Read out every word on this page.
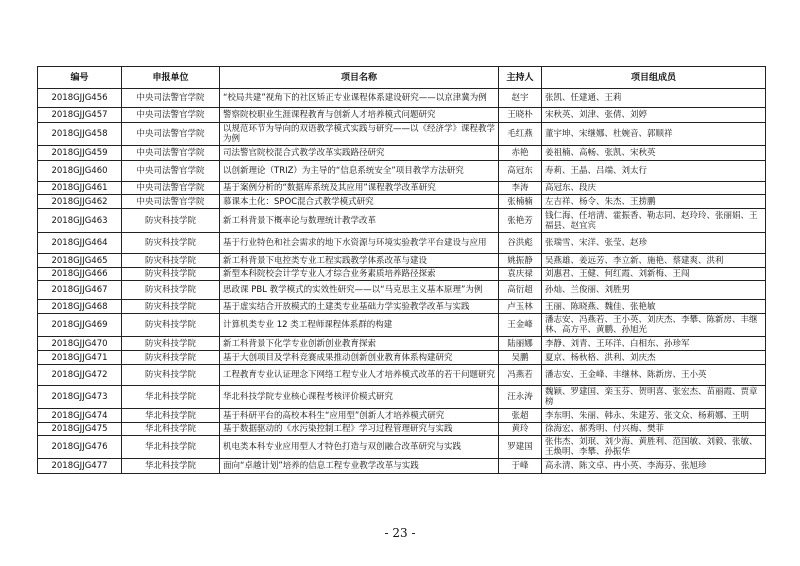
编号	申报单位	项目名称	主持人	项目组成员
2018GJJG456	中央司法警官学院	“校局共建”视角下的社区矫正专业课程体系建设研究——以京津冀为例	赵宇	张凯、任建通、王莉
2018GJJG457	中央司法警官学院	警察院校职业生涯课程教育与创新人才培养模式问题研究	王晓朴	宋秋英、刘津、张倩、刘婷
2018GJJG458	中央司法警官学院	以规范环节为导向的双语教学模式实践与研究——以《经济学》课程教学为例	毛红燕	董宇坤、宋继娜、杜婉音、郭顺祥
2018GJJG459	中央司法警官学院	司法警官院校混合式教学改革实践路径研究	赤艳	姜祖楠、高畅、张凯、宋秋英
2018GJJG460	中央司法警官学院	以创新理论（TRIZ）为主导的“信息系统安全”项目教学方法研究	高冠东	寿莉、王晶、吕端、刘太行
2018GJJG461	中央司法警官学院	基于案例分析的“数据库系统及其应用”课程教学改革研究	李涛	高冠东、段庆
2018GJJG462	中央司法警官学院	慕课本土化：SPOC混合式教学模式研究	张楠楠	左吉祥、杨令、朱杰、王捞鹏
2018GJJG463	防灾科技学院	新工科背景下概率论与数理统计教学改革	张艳芳	钱仁海、任培清、霍振香、勒志同、赵玲玲、张丽娟、王福县、赵宜宾
2018GJJG464	防灾科技学院	基于行业特色和社会需求的地下水资源与环境实验教学平台建设与应用	谷洪彪	张瑞雪、宋洋、张莹、赵珍
2018GJJG465	防灾科技学院	新工科背景下电控类专业工程实践教学体系改革与建设	姚振静	吴燕雄、姜远芳、李立新、施艳、蔡建爽、洪利
2018GJJG466	防灾科技学院	新型本科院校会计学专业人才综合业务素质培养路径探索	袁庆禄	刘惠君、王健、何红霞、刘新梅、王闯
2018GJJG467	防灾科技学院	思政课 PBL 教学模式的实效性研究——以“马克思主义基本原理”为例	高衍超	孙灿、兰俊丽、刘胜男
2018GJJG468	防灾科技学院	基于虚实结合开放模式的土建类专业基础力学实验教学改革与实践	卢玉林	王丽、陈晓燕、魏佳、张艳敏
2018GJJG469	防灾科技学院	计算机类专业 12 类工程师课程体系群的构建	王金峰	潘志安、冯燕若、王小英、刘庆杰、李攀、陈新房、丰继林、高方平、黄鹏、孙旭光
2018GJJG470	防灾科技学院	新工科背景下化学专业创新创业教育探索	陆丽娜	李静、刘青、王环洋、白相东、孙珍军
2018GJJG471	防灾科技学院	基于大创项目及学科竞赛成果推动创新创业教育体系构建研究	吴鹏	夏京、杨秋格、洪利、刘庆杰
2018GJJG472	防灾科技学院	工程教育专业认证理念下网络工程专业人才培养模式改革的若干问题研究	冯燕若	潘志安、王金峰、丰继林、陈新房、王小英
2018GJJG473	华北科技学院	华北科技学院专业核心课程考核评价模式研究	汪永涛	魏颖、罗建国、栾玉芬、贺明喜、张宏杰、苗丽霞、贾章榜
2018GJJG474	华北科技学院	基于科研平台的高校本科生“应用型”创新人才培养模式研究	张超	李东明、朱丽、韩永、朱建芳、张文众、杨莉娜、王明
2018GJJG475	华北科技学院	基于数据驱动的《水污染控制工程》学习过程管理研究与实践	黄玲	徐海宏、郝秀明、付兴梅、樊菲
2018GJJG476	华北科技学院	机电类本科专业应用型人才特色打造与双创融合改革研究与实践	罗建国	张伟杰、刘珉、刘少海、黄胜利、范国敏、刘毅、张敏、王焕明、李攀、孙振华
2018GJJG477	华北科技学院	面向“卓越计划”培养的信息工程专业教学改革与实践	于峰	高永清、陈文卓、冉小英、李海芬、张旭珍
- 23 -
